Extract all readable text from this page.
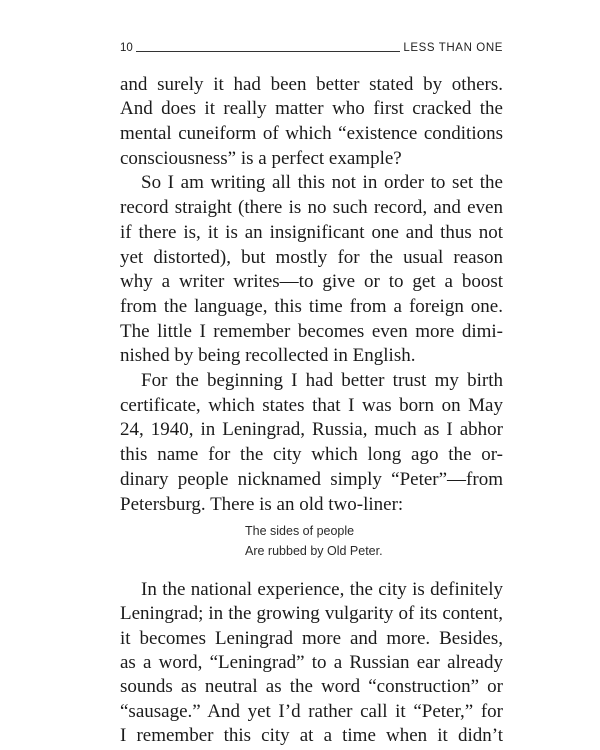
10	LESS THAN ONE
and surely it had been better stated by others.
And does it really matter who first cracked the
mental cuneiform of which “existence conditions
consciousness” is a perfect example?
So I am writing all this not in order to set the
record straight (there is no such record, and even
if there is, it is an insignificant one and thus not
yet distorted), but mostly for the usual reason
why a writer writes—to give or to get a boost
from the language, this time from a foreign one.
The little I remember becomes even more dimi-
nished by being recollected in English.
For the beginning I had better trust my birth
certificate, which states that I was born on May
24, 1940, in Leningrad, Russia, much as I abhor
this name for the city which long ago the or-
dinary people nicknamed simply “Peter”—from
Petersburg. There is an old two-liner:
The sides of people
Are rubbed by Old Peter.
In the national experience, the city is definitely
Leningrad; in the growing vulgarity of its content,
it becomes Leningrad more and more. Besides,
as a word, “Leningrad” to a Russian ear already
sounds as neutral as the word “construction” or
“sausage.” And yet I’d rather call it “Peter,” for
I remember this city at a time when it didn’t
